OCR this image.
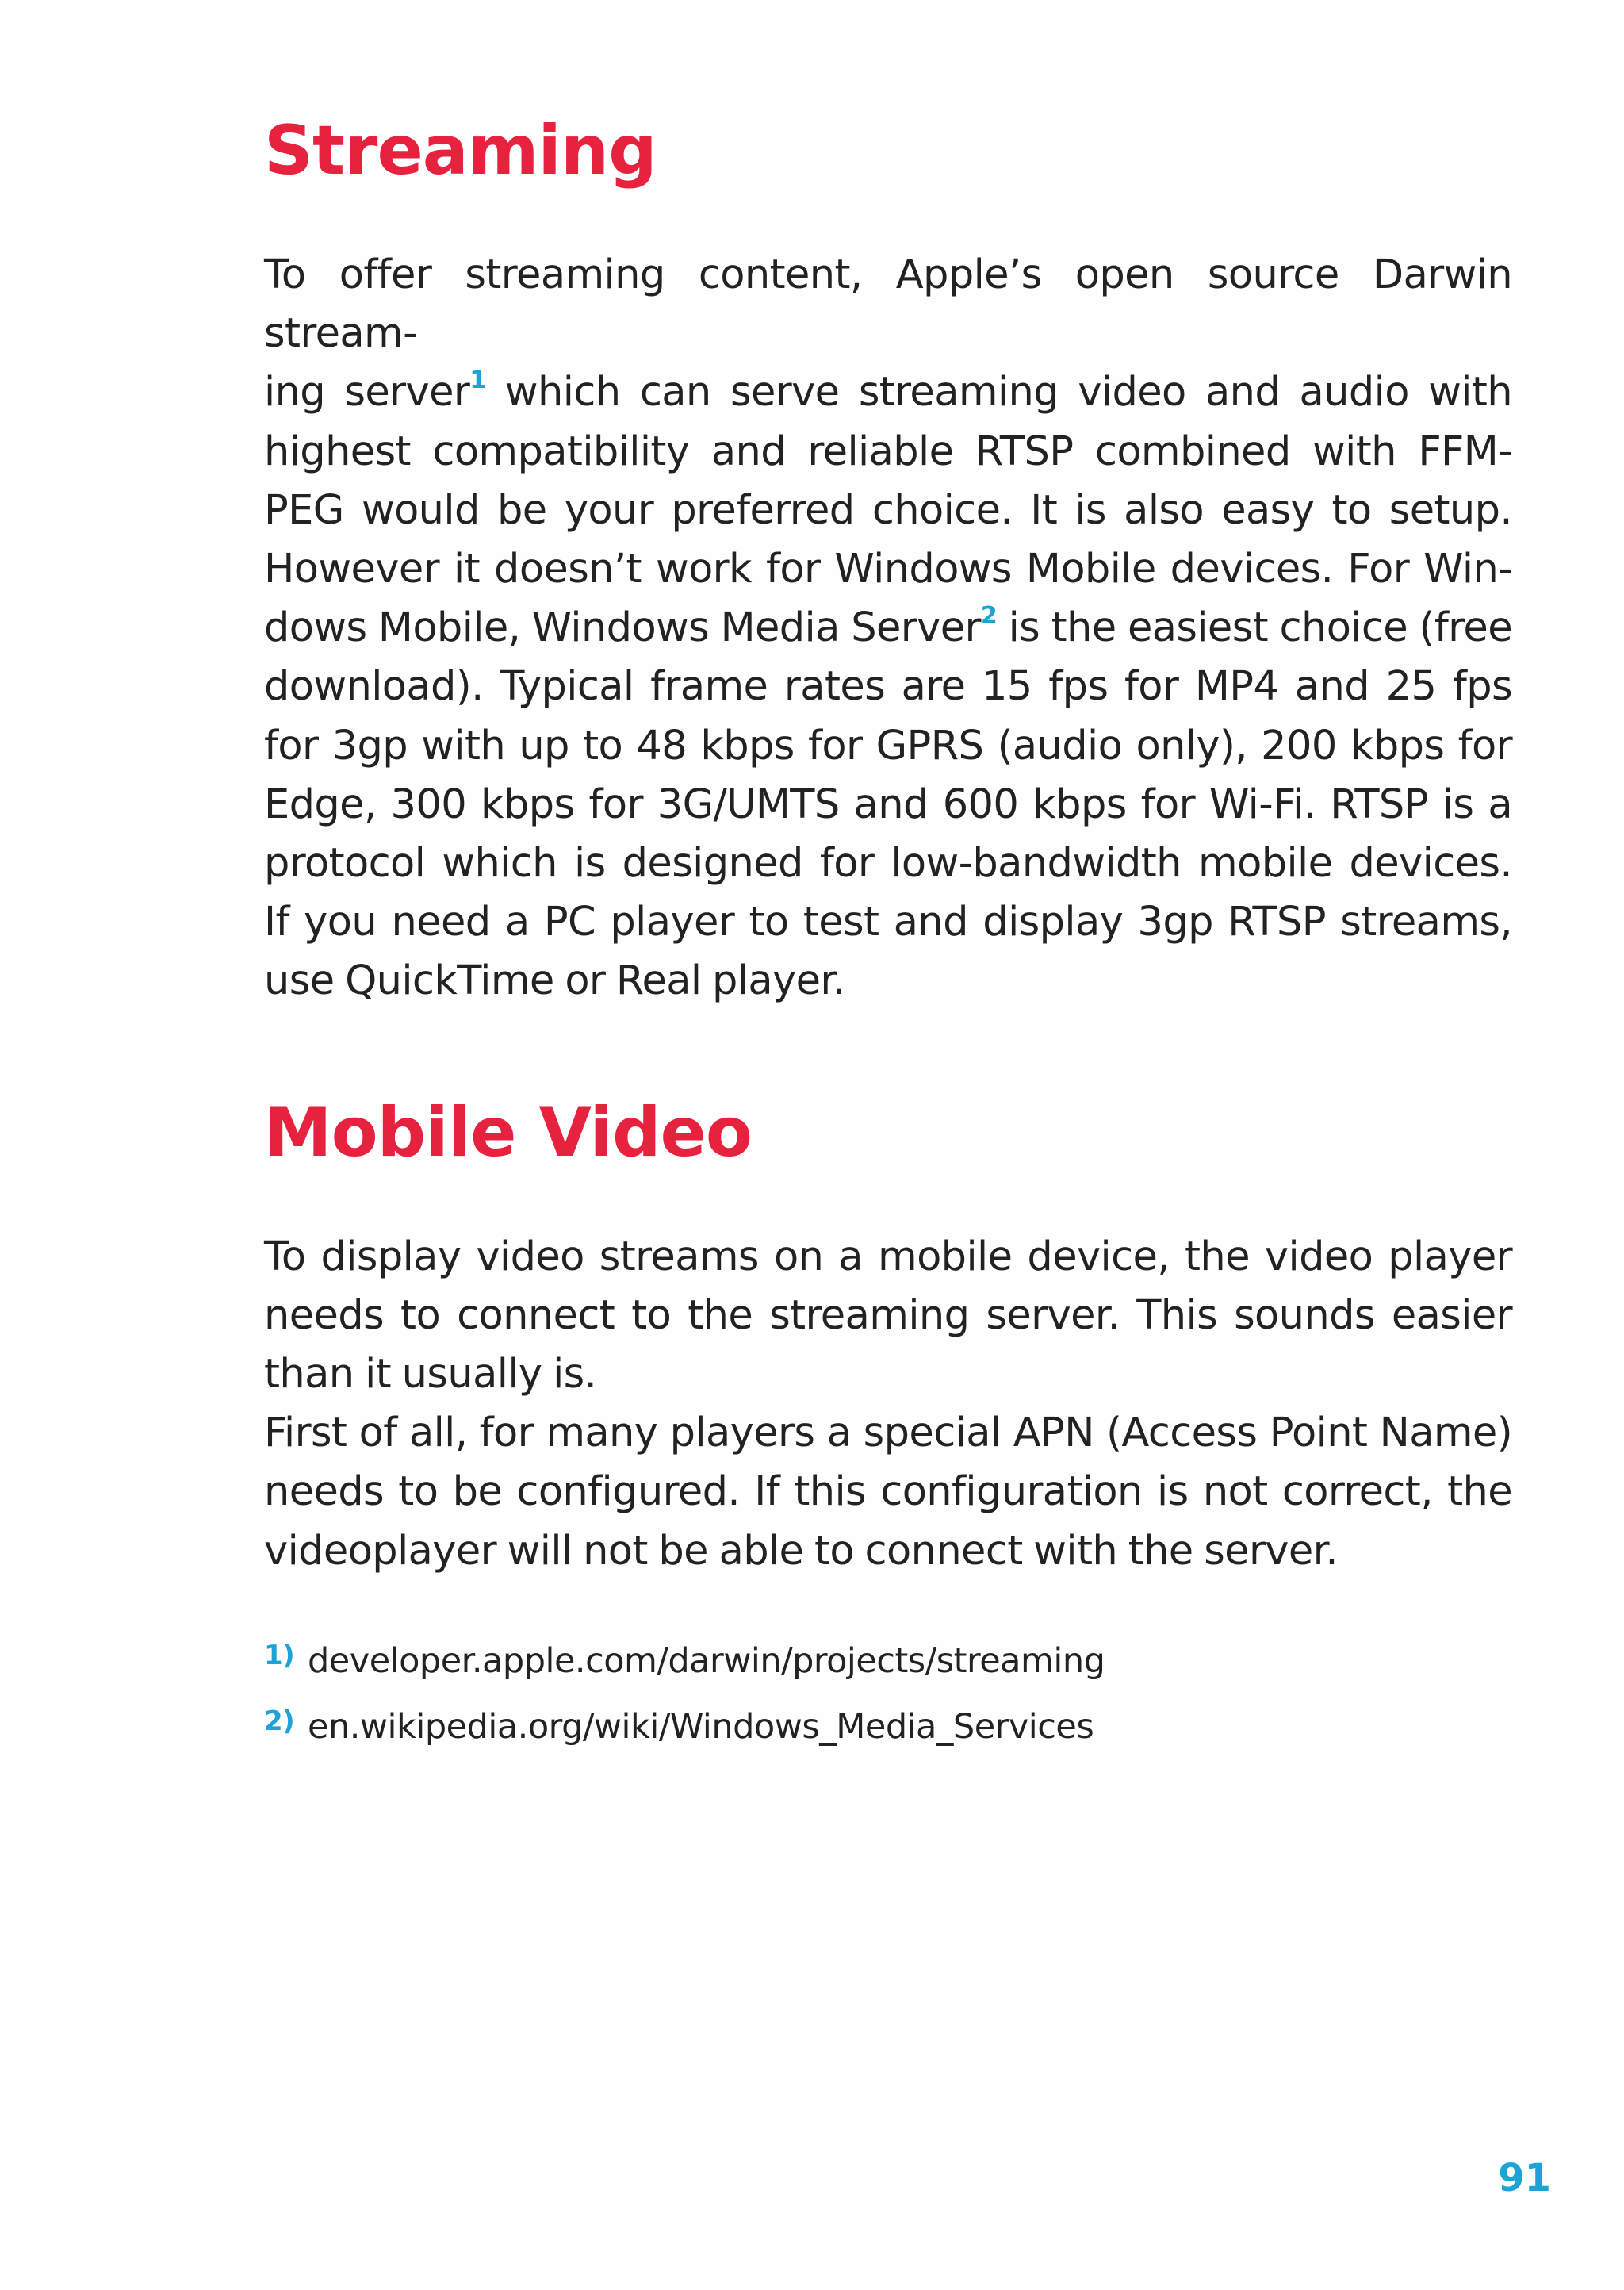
Streaming
To offer streaming content, Apple’s open source Darwin stream-
ing server$^1$ which can serve streaming video and audio with
highest compatibility and reliable RTSP combined with FFM-
PEG would be your preferred choice. It is also easy to setup.
However it doesn’t work for Windows Mobile devices. For Win-
dows Mobile, Windows Media Server$^2$ is the easiest choice (free
download). Typical frame rates are 15 fps for MP4 and 25 fps
for 3gp with up to 48 kbps for GPRS (audio only), 200 kbps for
Edge, 300 kbps for 3G/UMTS and 600 kbps for Wi-Fi. RTSP is a
protocol which is designed for low-bandwidth mobile devices.
If you need a PC player to test and display 3gp RTSP streams,
use QuickTime or Real player.
Mobile Video
To display video streams on a mobile device, the video player
needs to connect to the streaming server. This sounds easier
than it usually is.
First of all, for many players a special APN (Access Point Name)
needs to be configured. If this configuration is not correct, the
videoplayer will not be able to connect with the server.
1) developer.apple.com/darwin/projects/streaming
2) en.wikipedia.org/wiki/Windows_Media_Services
91
